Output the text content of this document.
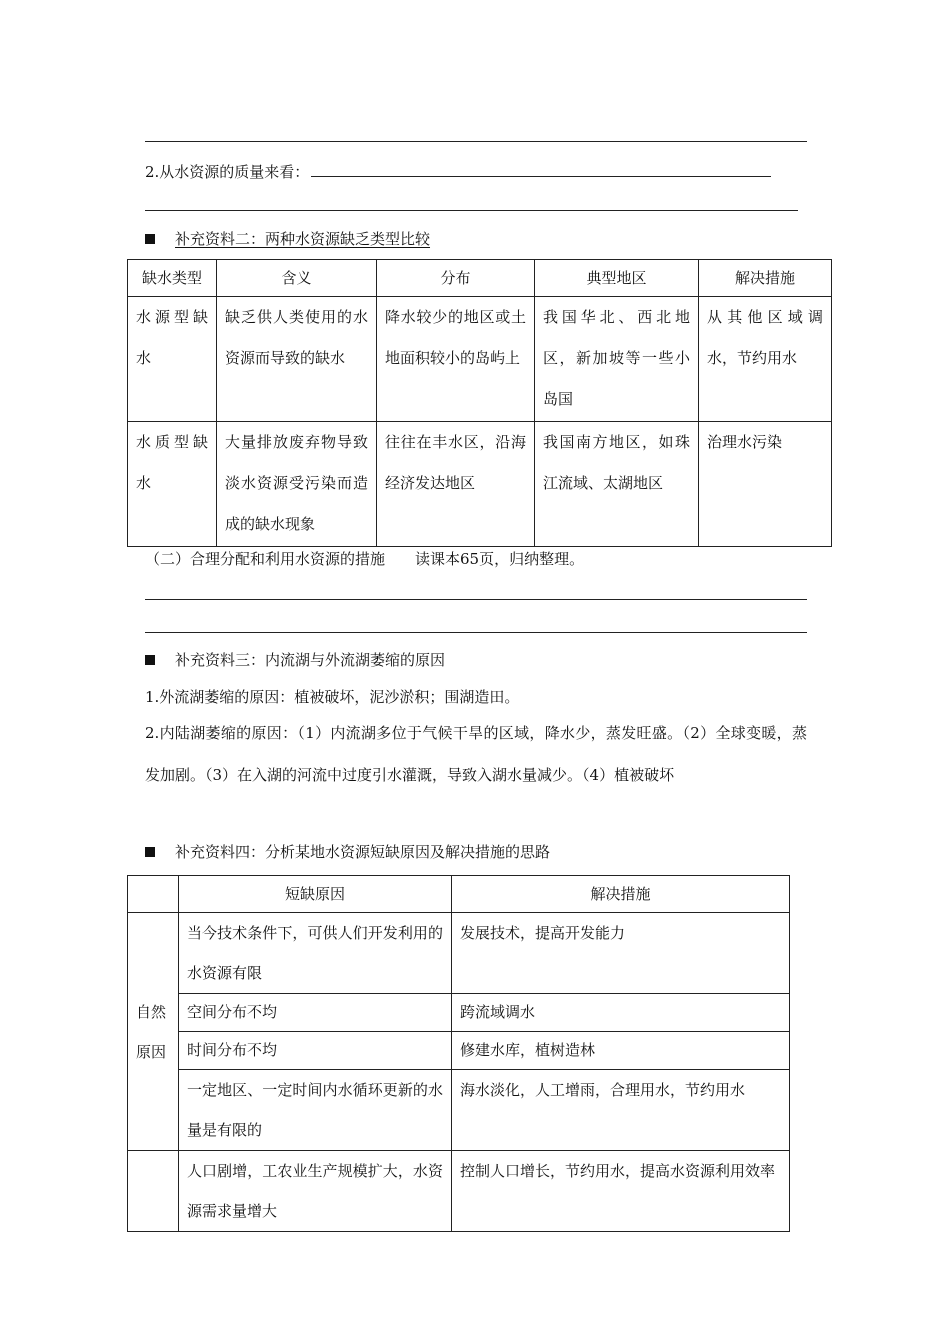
2.从水资源的质量来看：
补充资料二：两种水资源缺乏类型比较
缺水类型	含义	分布	典型地区	解决措施
水源型缺水	缺乏供人类使用的水资源而导致的缺水	降水较少的地区或土地面积较小的岛屿上	我国华北、西北地区，新加坡等一些小岛国	从其他区域调水，节约用水
水质型缺水	大量排放废弃物导致淡水资源受污染而造成的缺水现象	往往在丰水区，沿海经济发达地区	我国南方地区，如珠江流域、太湖地区	治理水污染
（二）合理分配和利用水资源的措施　　读课本65页，归纳整理。
补充资料三：内流湖与外流湖萎缩的原因
1.外流湖萎缩的原因：植被破坏，泥沙淤积；围湖造田。
2.内陆湖萎缩的原因：（1）内流湖多位于气候干旱的区域，降水少，蒸发旺盛。（2）全球变暖，蒸发加剧。（3）在入湖的河流中过度引水灌溉，导致入湖水量减少。（4）植被破坏
补充资料四：分析某地水资源短缺原因及解决措施的思路
	短缺原因	解决措施
自然原因	当今技术条件下，可供人们开发利用的水资源有限	发展技术，提高开发能力
	空间分布不均	跨流域调水
	时间分布不均	修建水库，植树造林
	一定地区、一定时间内水循环更新的水量是有限的	海水淡化，人工增雨，合理用水，节约用水
	人口剧增，工农业生产规模扩大，水资源需求量增大	控制人口增长，节约用水，提高水资源利用效率
